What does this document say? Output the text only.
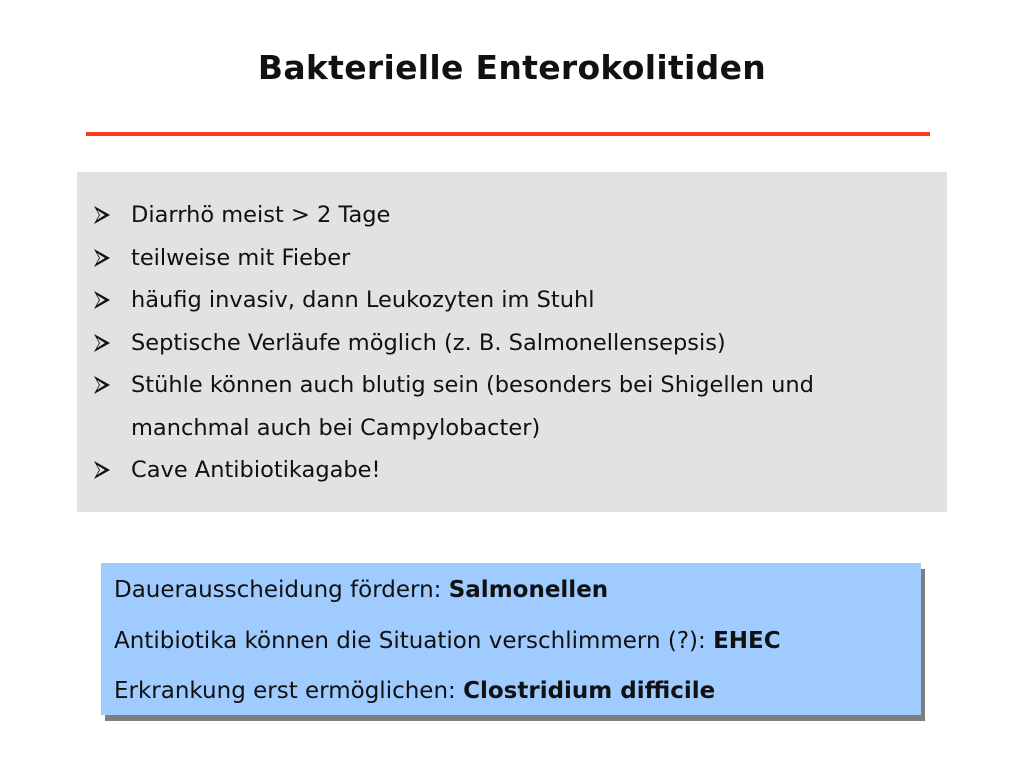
Bakterielle Enterokolitiden
Diarrhö meist > 2 Tage
teilweise mit Fieber
häufig invasiv, dann Leukozyten im Stuhl
Septische Verläufe möglich (z. B. Salmonellensepsis)
Stühle können auch blutig sein (besonders bei Shigellen und manchmal auch bei Campylobacter)
Cave Antibiotikagabe!
Dauerausscheidung fördern: Salmonellen
Antibiotika können die Situation verschlimmern (?): EHEC
Erkrankung erst ermöglichen: Clostridium difficile
